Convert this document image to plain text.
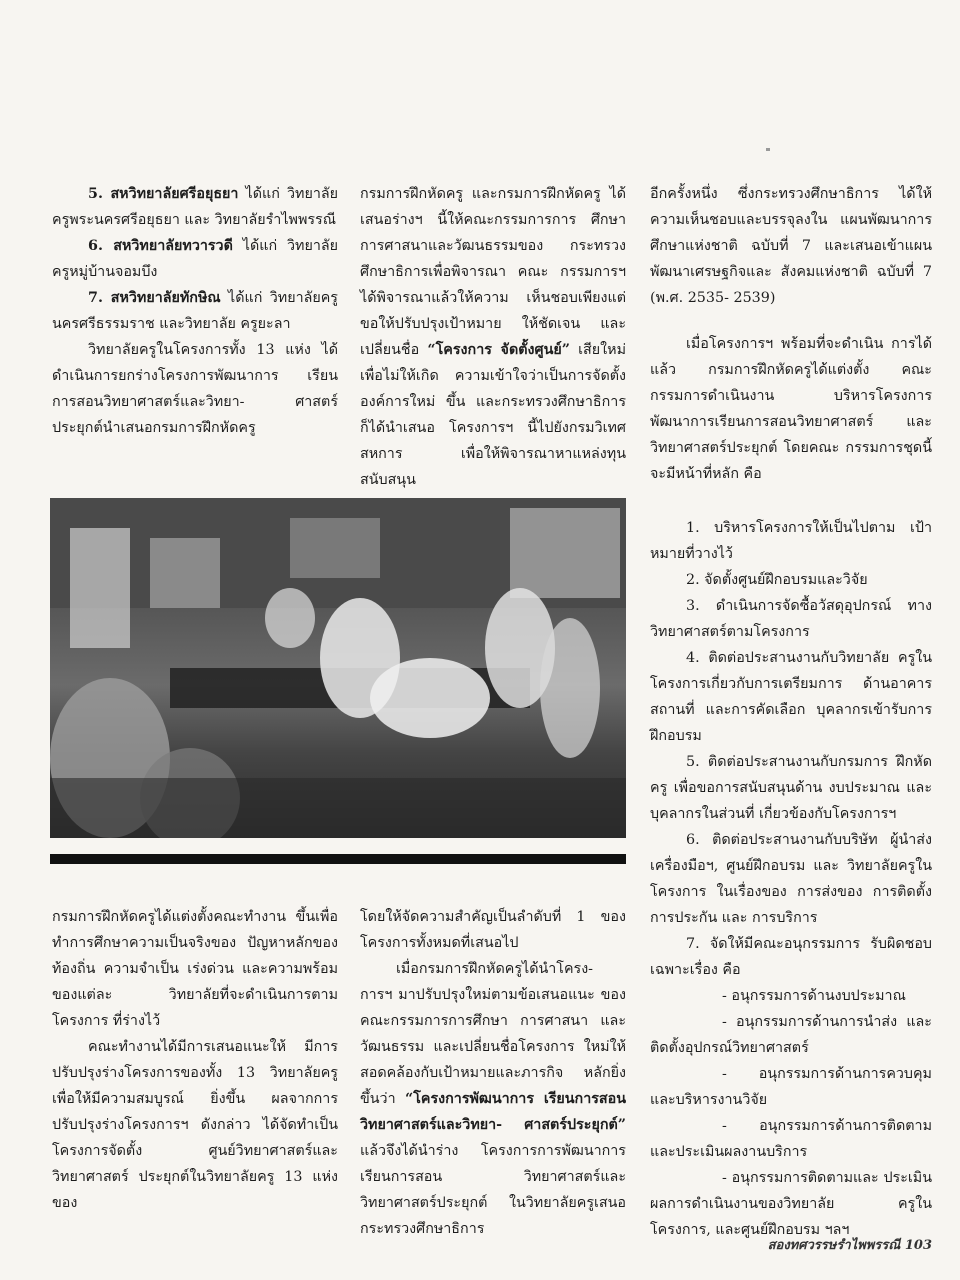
5. สหวิทยาลัยศรีอยุธยา ได้แก่ วิทยาลัยครูพระนครศรีอยุธยา และ วิทยาลัยรำไพพรรณี

6. สหวิทยาลัยทวารวดี ได้แก่ วิทยาลัยครูหมู่บ้านจอมบึง

7. สหวิทยาลัยทักษิณ ได้แก่ วิทยาลัยครูนครศรีธรรมราช และวิทยาลัย ครูยะลา

วิทยาลัยครูในโครงการทั้ง 13 แห่ง ได้ดำเนินการยกร่างโครงการพัฒนาการ เรียนการสอนวิทยาศาสตร์และวิทยา- ศาสตร์ประยุกต์นำเสนอกรมการฝึกหัดครู

กรมการฝึกหัดครู และกรมการฝึกหัดครู ได้เสนอร่างฯ นี้ให้คณะกรรมการการ ศึกษา การศาสนาและวัฒนธรรมของ กระทรวงศึกษาธิการเพื่อพิจารณา คณะ กรรมการฯ ได้พิจารณาแล้วให้ความ เห็นชอบเพียงแต่ขอให้ปรับปรุงเป้าหมาย ให้ชัดเจน และเปลี่ยนชื่อ “โครงการ จัดตั้งศูนย์” เสียใหม่ เพื่อไม่ให้เกิด ความเข้าใจว่าเป็นการจัดตั้งองค์การใหม่ ขึ้น และกระทรวงศึกษาธิการก็ได้นำเสนอ โครงการฯ นี้ไปยังกรมวิเทศสหการ เพื่อให้พิจารณาหาแหล่งทุนสนับสนุน

อีกครั้งหนึ่ง ซึ่งกระทรวงศึกษาธิการ ได้ให้ความเห็นชอบและบรรจุลงใน แผนพัฒนาการศึกษาแห่งชาติ ฉบับที่ 7 และเสนอเข้าแผนพัฒนาเศรษฐกิจและ สังคมแห่งชาติ ฉบับที่ 7 (พ.ศ. 2535- 2539)

เมื่อโครงการฯ พร้อมที่จะดำเนิน การได้แล้ว กรมการฝึกหัดครูได้แต่งตั้ง คณะกรรมการดำเนินงาน บริหารโครงการ พัฒนาการเรียนการสอนวิทยาศาสตร์ และวิทยาศาสตร์ประยุกต์ โดยคณะ กรรมการชุดนี้จะมีหน้าที่หลัก คือ

1. บริหารโครงการให้เป็นไปตาม เป้าหมายที่วางไว้

2. จัดตั้งศูนย์ฝึกอบรมและวิจัย

3. ดำเนินการจัดซื้อวัสดุอุปกรณ์ ทางวิทยาศาสตร์ตามโครงการ

4. ติดต่อประสานงานกับวิทยาลัย ครูในโครงการเกี่ยวกับการเตรียมการ ด้านอาคาร สถานที่ และการคัดเลือก บุคลากรเข้ารับการฝึกอบรม

5. ติดต่อประสานงานกับกรมการ ฝึกหัดครู เพื่อขอการสนับสนุนด้าน งบประมาณ และบุคลากรในส่วนที่ เกี่ยวข้องกับโครงการฯ

6. ติดต่อประสานงานกับบริษัท ผู้นำส่งเครื่องมือฯ, ศูนย์ฝึกอบรม และ วิทยาลัยครูในโครงการ ในเรื่องของ การส่งของ การติดตั้ง การประกัน และ การบริการ

7. จัดให้มีคณะอนุกรรมการ รับผิดชอบเฉพาะเรื่อง คือ

- อนุกรรมการด้านงบประมาณ

- อนุกรรมการด้านการนำส่ง และติดตั้งอุปกรณ์วิทยาศาสตร์

- อนุกรรมการด้านการควบคุม และบริหารงานวิจัย

- อนุกรรมการด้านการติดตาม และประเมินผลงานบริการ

- อนุกรรมการติดตามและ ประเมินผลการดำเนินงานของวิทยาลัย ครูในโครงการ, และศูนย์ฝึกอบรม ฯลฯ

กรมการฝึกหัดครูได้แต่งตั้งคณะทำงาน ขึ้นเพื่อทำการศึกษาความเป็นจริงของ ปัญหาหลักของท้องถิ่น ความจำเป็น เร่งด่วน และความพร้อมของแต่ละ วิทยาลัยที่จะดำเนินการตามโครงการ ที่ร่างไว้

คณะทำงานได้มีการเสนอแนะให้ มีการปรับปรุงร่างโครงการของทั้ง 13 วิทยาลัยครู เพื่อให้มีความสมบูรณ์ ยิ่งขึ้น ผลจากการปรับปรุงร่างโครงการฯ ดังกล่าว ได้จัดทำเป็นโครงการจัดตั้ง ศูนย์วิทยาศาสตร์และวิทยาศาสตร์ ประยุกต์ในวิทยาลัยครู 13 แห่ง ของ

โดยให้จัดความสำคัญเป็นลำดับที่ 1 ของ โครงการทั้งหมดที่เสนอไป

เมื่อกรมการฝึกหัดครูได้นำโครง- การฯ มาปรับปรุงใหม่ตามข้อเสนอแนะ ของคณะกรรมการการศึกษา การศาสนา และวัฒนธรรม และเปลี่ยนชื่อโครงการ ใหม่ให้สอดคล้องกับเป้าหมายและภารกิจ หลักยิ่งขึ้นว่า “โครงการพัฒนาการ เรียนการสอนวิทยาศาสตร์และวิทยา- ศาสตร์ประยุกต์” แล้วจึงได้นำร่าง โครงการการพัฒนาการเรียนการสอน วิทยาศาสตร์และวิทยาศาสตร์ประยุกต์ ในวิทยาลัยครูเสนอกระทรวงศึกษาธิการ

สองทศวรรษรำไพพรรณี 103
